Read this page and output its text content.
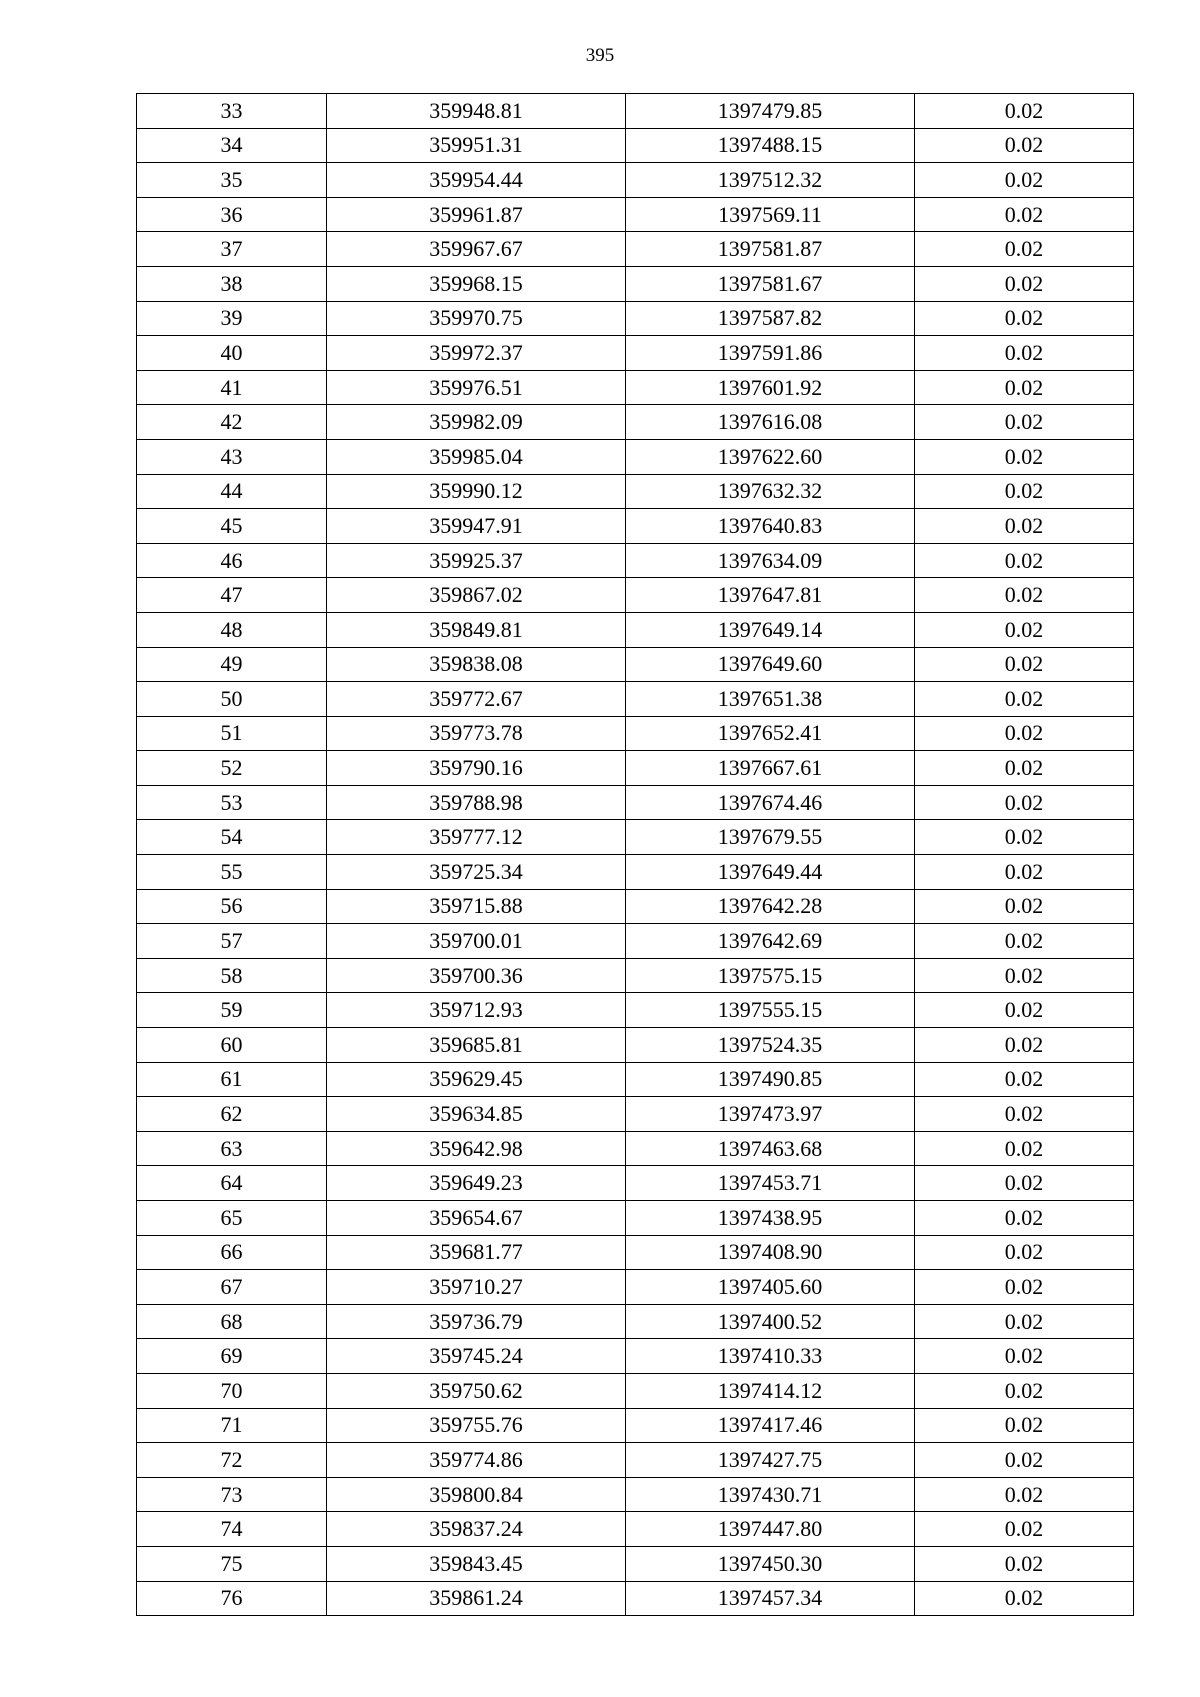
395
33	359948.81	1397479.85	0.02
34	359951.31	1397488.15	0.02
35	359954.44	1397512.32	0.02
36	359961.87	1397569.11	0.02
37	359967.67	1397581.87	0.02
38	359968.15	1397581.67	0.02
39	359970.75	1397587.82	0.02
40	359972.37	1397591.86	0.02
41	359976.51	1397601.92	0.02
42	359982.09	1397616.08	0.02
43	359985.04	1397622.60	0.02
44	359990.12	1397632.32	0.02
45	359947.91	1397640.83	0.02
46	359925.37	1397634.09	0.02
47	359867.02	1397647.81	0.02
48	359849.81	1397649.14	0.02
49	359838.08	1397649.60	0.02
50	359772.67	1397651.38	0.02
51	359773.78	1397652.41	0.02
52	359790.16	1397667.61	0.02
53	359788.98	1397674.46	0.02
54	359777.12	1397679.55	0.02
55	359725.34	1397649.44	0.02
56	359715.88	1397642.28	0.02
57	359700.01	1397642.69	0.02
58	359700.36	1397575.15	0.02
59	359712.93	1397555.15	0.02
60	359685.81	1397524.35	0.02
61	359629.45	1397490.85	0.02
62	359634.85	1397473.97	0.02
63	359642.98	1397463.68	0.02
64	359649.23	1397453.71	0.02
65	359654.67	1397438.95	0.02
66	359681.77	1397408.90	0.02
67	359710.27	1397405.60	0.02
68	359736.79	1397400.52	0.02
69	359745.24	1397410.33	0.02
70	359750.62	1397414.12	0.02
71	359755.76	1397417.46	0.02
72	359774.86	1397427.75	0.02
73	359800.84	1397430.71	0.02
74	359837.24	1397447.80	0.02
75	359843.45	1397450.30	0.02
76	359861.24	1397457.34	0.02
